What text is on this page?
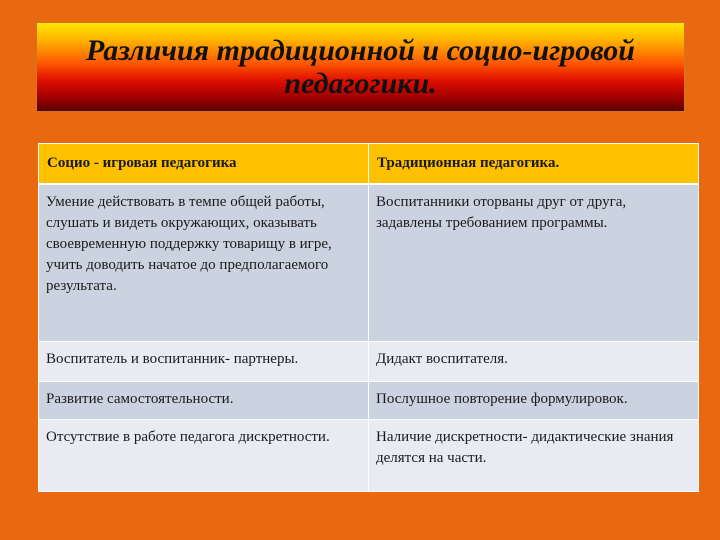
Различия традиционной и социо-игровой педагогики.
Социо - игровая педагогика	Традиционная педагогика.
Умение действовать в темпе общей работы, слушать и видеть окружающих, оказывать своевременную поддержку товарищу в игре, учить доводить начатое до предполагаемого результата.	Воспитанники оторваны друг от друга, задавлены требованием программы.
Воспитатель и воспитанник- партнеры.	Дидакт воспитателя.
Развитие самостоятельности.	Послушное повторение формулировок.
Отсутствие в работе педагога дискретности.	Наличие дискретности- дидактические знания делятся на части.
